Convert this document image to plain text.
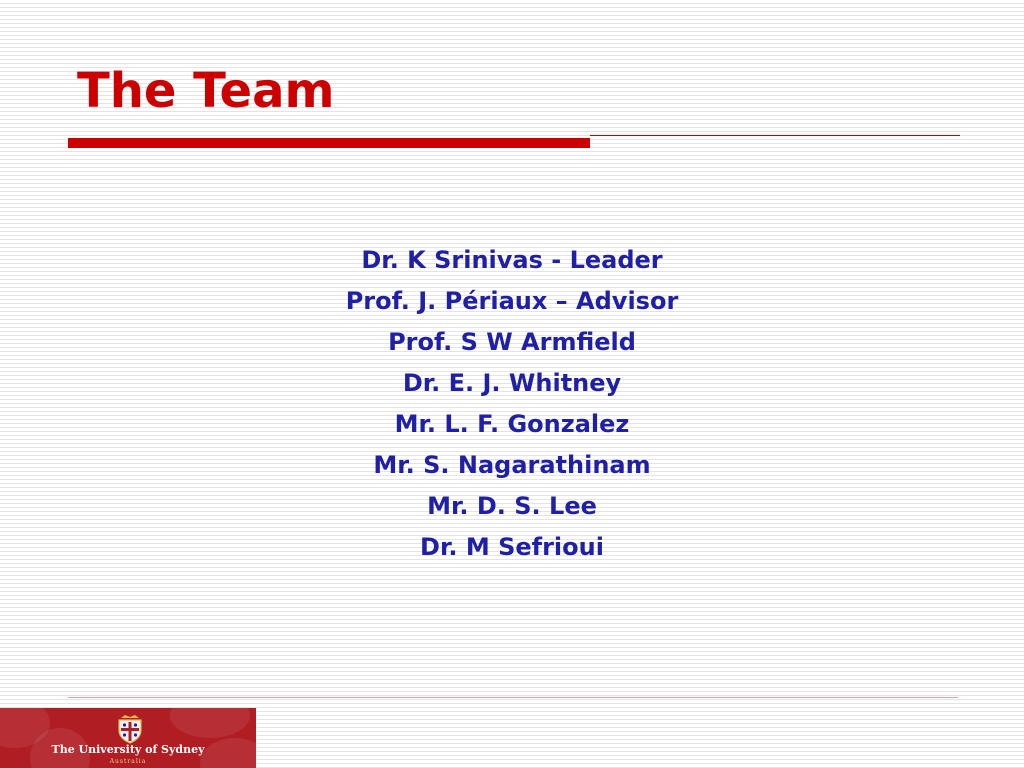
The Team
Dr. K Srinivas - Leader
Prof. J. Périaux – Advisor
Prof. S W Armfield
Dr. E. J. Whitney
Mr. L. F. Gonzalez
Mr. S. Nagarathinam
Mr. D. S. Lee
Dr. M Sefrioui
The University of Sydney
Australia
